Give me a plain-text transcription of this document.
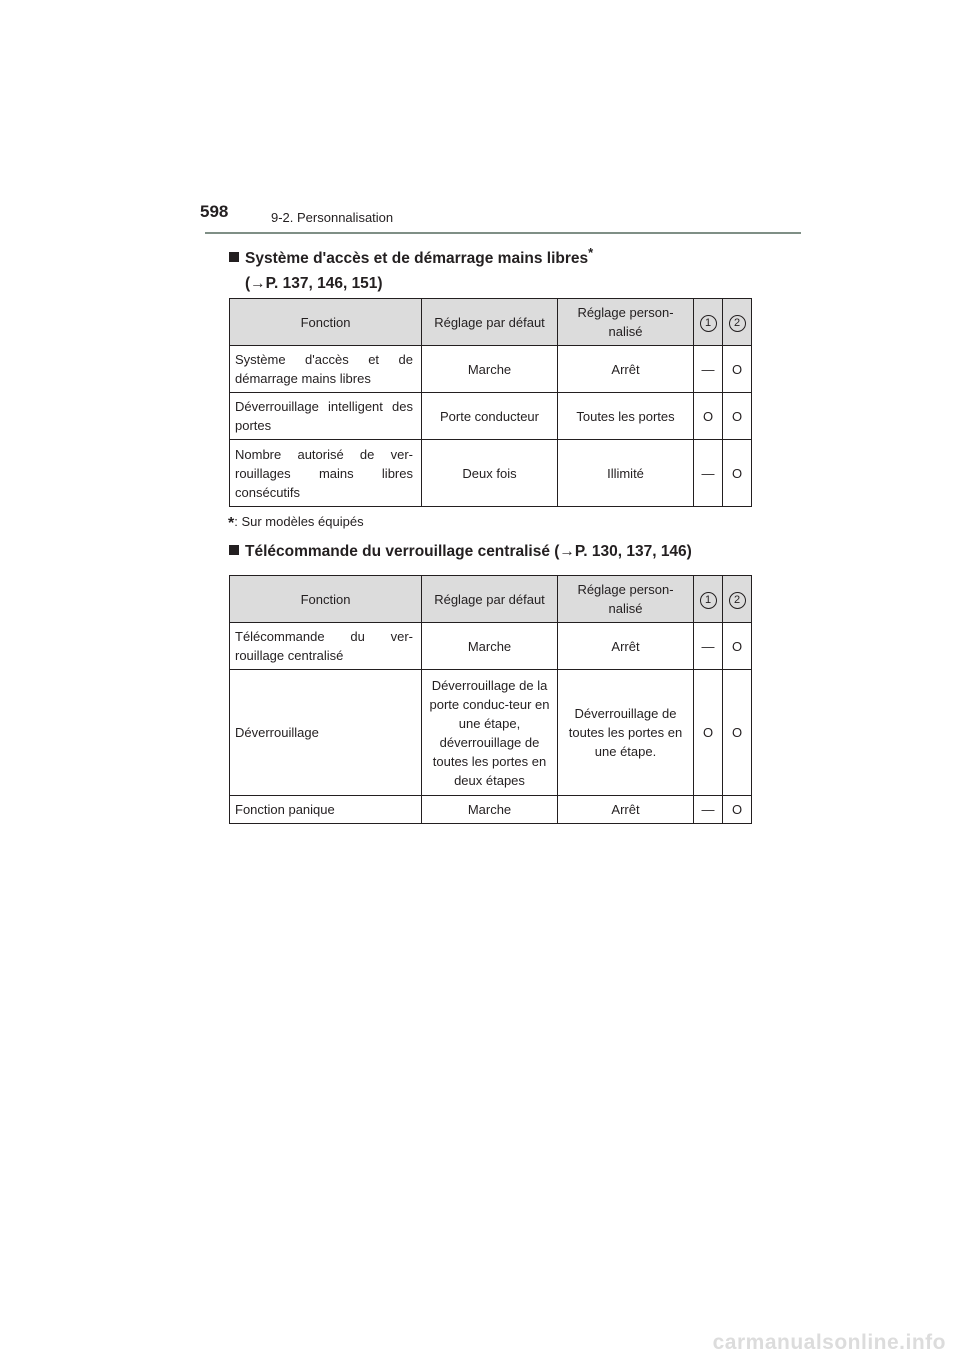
598	9-2. Personnalisation
Système d'accès et de démarrage mains libres*
(→P. 137, 146, 151)
Fonction	Réglage par défaut	Réglage person-nalisé	1	2
Système d'accès et de démarrage mains libres	Marche	Arrêt	—	O
Déverrouillage intelligent des portes	Porte conducteur	Toutes les portes	O	O
Nombre autorisé de ver-rouillages mains libres consécutifs	Deux fois	Illimité	—	O
*: Sur modèles équipés
Télécommande du verrouillage centralisé (→P. 130, 137, 146)
Fonction	Réglage par défaut	Réglage person-nalisé	1	2
Télécommande du ver-rouillage centralisé	Marche	Arrêt	—	O
Déverrouillage	Déverrouillage de la porte conduc-teur en une étape, déverrouillage de toutes les portes en deux étapes	Déverrouillage de toutes les portes en une étape.	O	O
Fonction panique	Marche	Arrêt	—	O
carmanualsonline.info
